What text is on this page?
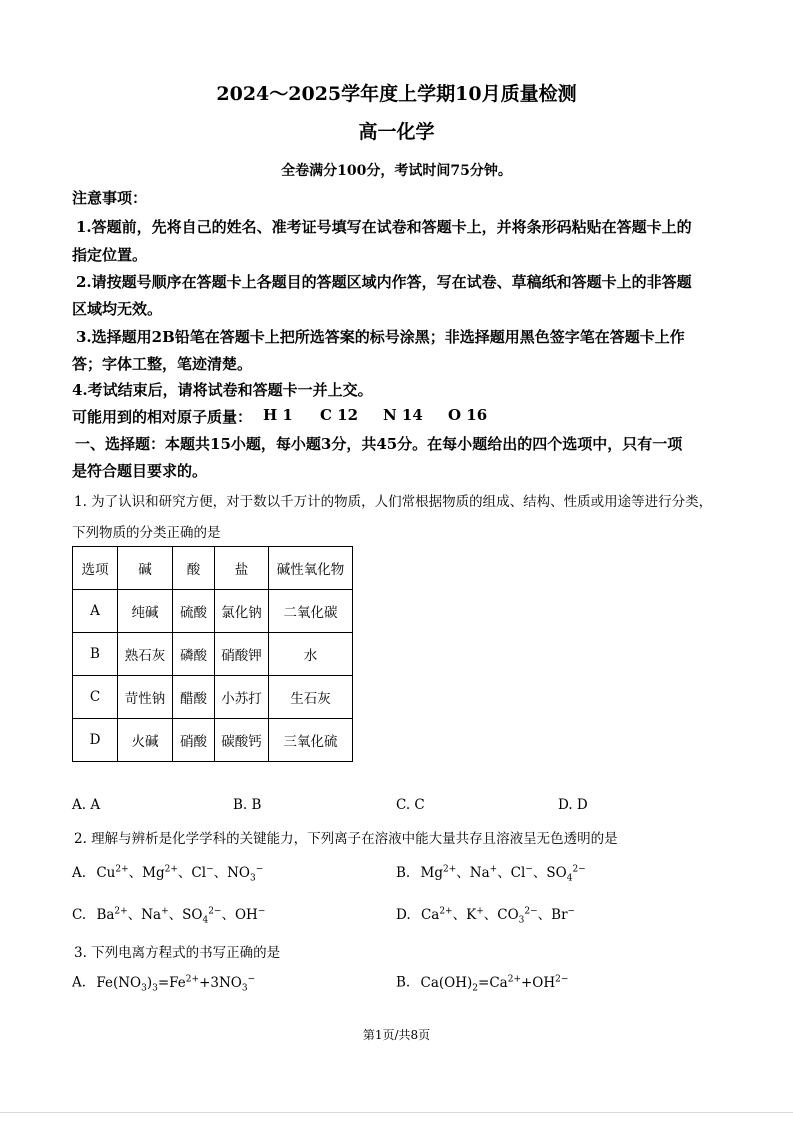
2024～2025学年度上学期10月质量检测
高一化学
全卷满分100分，考试时间75分钟。
注意事项：
1.答题前，先将自己的姓名、准考证号填写在试卷和答题卡上，并将条形码粘贴在答题卡上的
指定位置。
2.请按题号顺序在答题卡上各题目的答题区域内作答，写在试卷、草稿纸和答题卡上的非答题
区域均无效。
3.选择题用2B铅笔在答题卡上把所选答案的标号涂黑；非选择题用黑色签字笔在答题卡上作
答；字体工整，笔迹清楚。
4.考试结束后，请将试卷和答题卡一并上交。
可能用到的相对原子质量： H 1 C 12 N 14 O 16
一、选择题：本题共15小题，每小题3分，共45分。在每小题给出的四个选项中，只有一项
是符合题目要求的。
1. 为了认识和研究方便，对于数以千万计的物质，人们常根据物质的组成、结构、性质或用途等进行分类，
下列物质的分类正确的是
选项	碱	酸	盐	碱性氧化物
A	纯碱	硫酸	氯化钠	二氧化碳
B	熟石灰	磷酸	硝酸钾	水
C	苛性钠	醋酸	小苏打	生石灰
D	火碱	硝酸	碳酸钙	三氧化硫
A. A	B. B	C. C	D. D
2. 理解与辨析是化学学科的关键能力，下列离子在溶液中能大量共存且溶液呈无色透明的是
A. $Cu^{2+}$、$Mg^{2+}$、Cl−、$NO_3^-$	B. $Mg^{2+}$、Na+、Cl−、$SO_4^{2-}$
C. $Ba^{2+}$、Na+、$SO_4^{2-}$、OH−	D. $Ca^{2+}$、K+、$CO_3^{2-}$、Br−
3. 下列电离方程式的书写正确的是
A. $Fe(NO_3)_3=Fe^{2+}+3NO_3^-$	B. $Ca(OH)_2=Ca^{2+}+OH^{2-}$
第1页/共8页
